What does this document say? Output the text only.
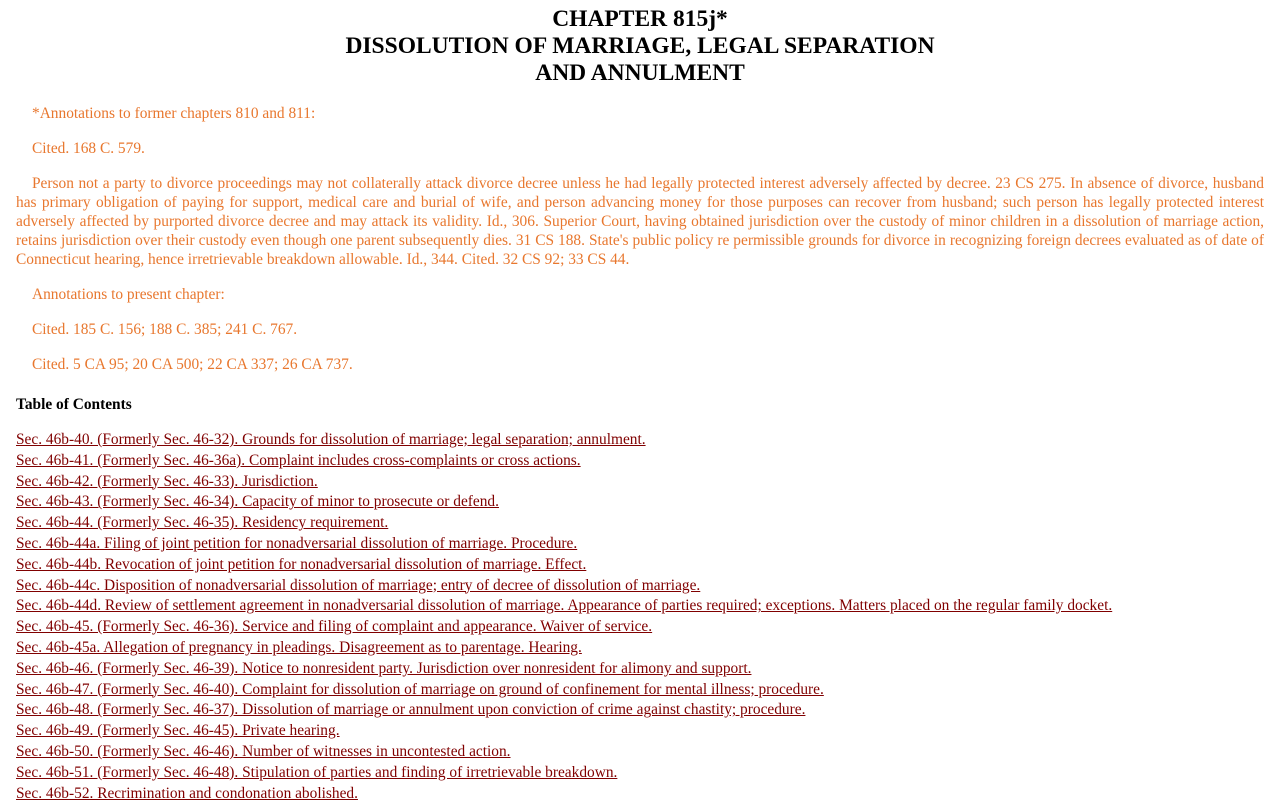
CHAPTER 815j*
DISSOLUTION OF MARRIAGE, LEGAL SEPARATION
AND ANNULMENT

*Annotations to former chapters 810 and 811:

Cited. 168 C. 579.

Person not a party to divorce proceedings may not collaterally attack divorce decree unless he had legally protected interest adversely affected by decree. 23 CS 275. In absence of divorce, husband has primary obligation of paying for support, medical care and burial of wife, and person advancing money for those purposes can recover from husband; such person has legally protected interest adversely affected by purported divorce decree and may attack its validity. Id., 306. Superior Court, having obtained jurisdiction over the custody of minor children in a dissolution of marriage action, retains jurisdiction over their custody even though one parent subsequently dies. 31 CS 188. State's public policy re permissible grounds for divorce in recognizing foreign decrees evaluated as of date of Connecticut hearing, hence irretrievable breakdown allowable. Id., 344. Cited. 32 CS 92; 33 CS 44.

Annotations to present chapter:

Cited. 185 C. 156; 188 C. 385; 241 C. 767.

Cited. 5 CA 95; 20 CA 500; 22 CA 337; 26 CA 737.

Table of Contents
Sec. 46b-40. (Formerly Sec. 46-32). Grounds for dissolution of marriage; legal separation; annulment.
Sec. 46b-41. (Formerly Sec. 46-36a). Complaint includes cross-complaints or cross actions.
Sec. 46b-42. (Formerly Sec. 46-33). Jurisdiction.
Sec. 46b-43. (Formerly Sec. 46-34). Capacity of minor to prosecute or defend.
Sec. 46b-44. (Formerly Sec. 46-35). Residency requirement.
Sec. 46b-44a. Filing of joint petition for nonadversarial dissolution of marriage. Procedure.
Sec. 46b-44b. Revocation of joint petition for nonadversarial dissolution of marriage. Effect.
Sec. 46b-44c. Disposition of nonadversarial dissolution of marriage; entry of decree of dissolution of marriage.
Sec. 46b-44d. Review of settlement agreement in nonadversarial dissolution of marriage. Appearance of parties required; exceptions. Matters placed on the regular family docket.
Sec. 46b-45. (Formerly Sec. 46-36). Service and filing of complaint and appearance. Waiver of service.
Sec. 46b-45a. Allegation of pregnancy in pleadings. Disagreement as to parentage. Hearing.
Sec. 46b-46. (Formerly Sec. 46-39). Notice to nonresident party. Jurisdiction over nonresident for alimony and support.
Sec. 46b-47. (Formerly Sec. 46-40). Complaint for dissolution of marriage on ground of confinement for mental illness; procedure.
Sec. 46b-48. (Formerly Sec. 46-37). Dissolution of marriage or annulment upon conviction of crime against chastity; procedure.
Sec. 46b-49. (Formerly Sec. 46-45). Private hearing.
Sec. 46b-50. (Formerly Sec. 46-46). Number of witnesses in uncontested action.
Sec. 46b-51. (Formerly Sec. 46-48). Stipulation of parties and finding of irretrievable breakdown.
Sec. 46b-52. Recrimination and condonation abolished.
